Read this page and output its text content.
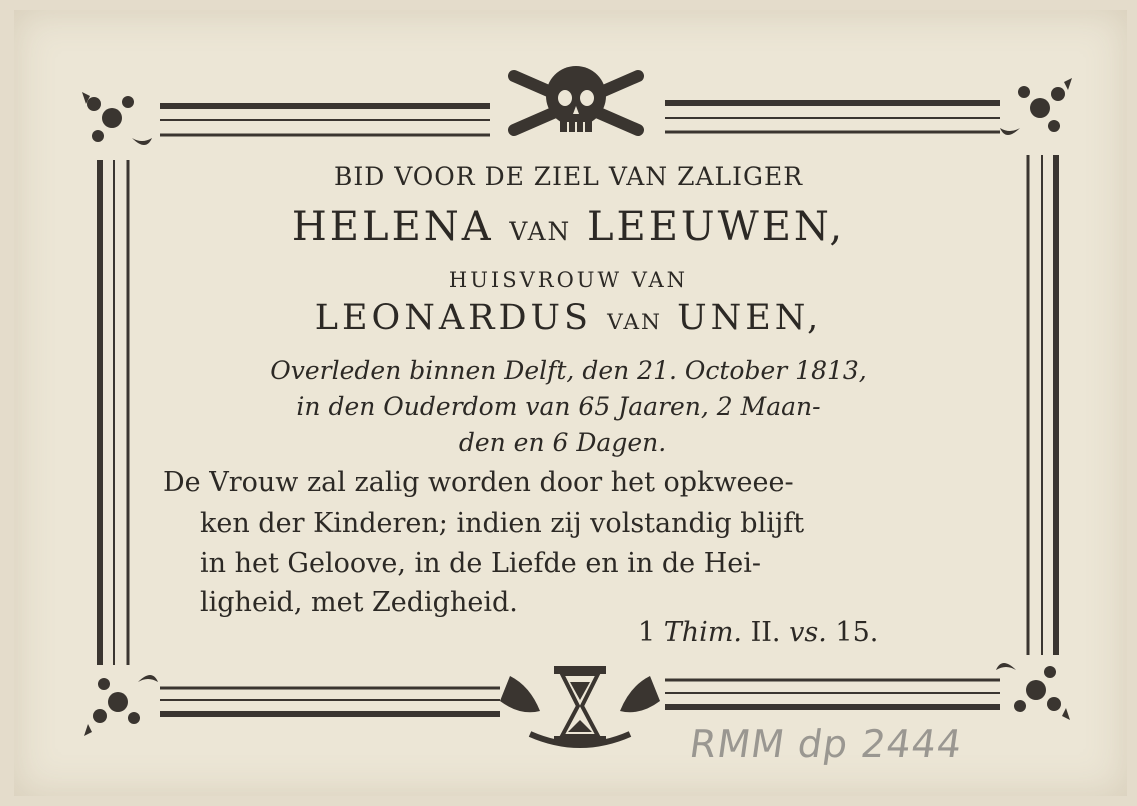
BID VOOR DE ZIEL VAN ZALIGER
HELENA VAN LEEUWEN,
HUISVROUW VAN
LEONARDUS VAN UNEN,
Overleden binnen Delft, den 21. October 1813,
in den Ouderdom van 65 Jaaren, 2 Maan-
den en 6 Dagen.
De Vrouw zal zalig worden door het opkweee-
ken der Kinderen; indien zij volstandig blijft
in het Geloove, in de Liefde en in de Hei-
ligheid, met Zedigheid.
1 Thim. II. vs. 15.
RMM dp 2444
